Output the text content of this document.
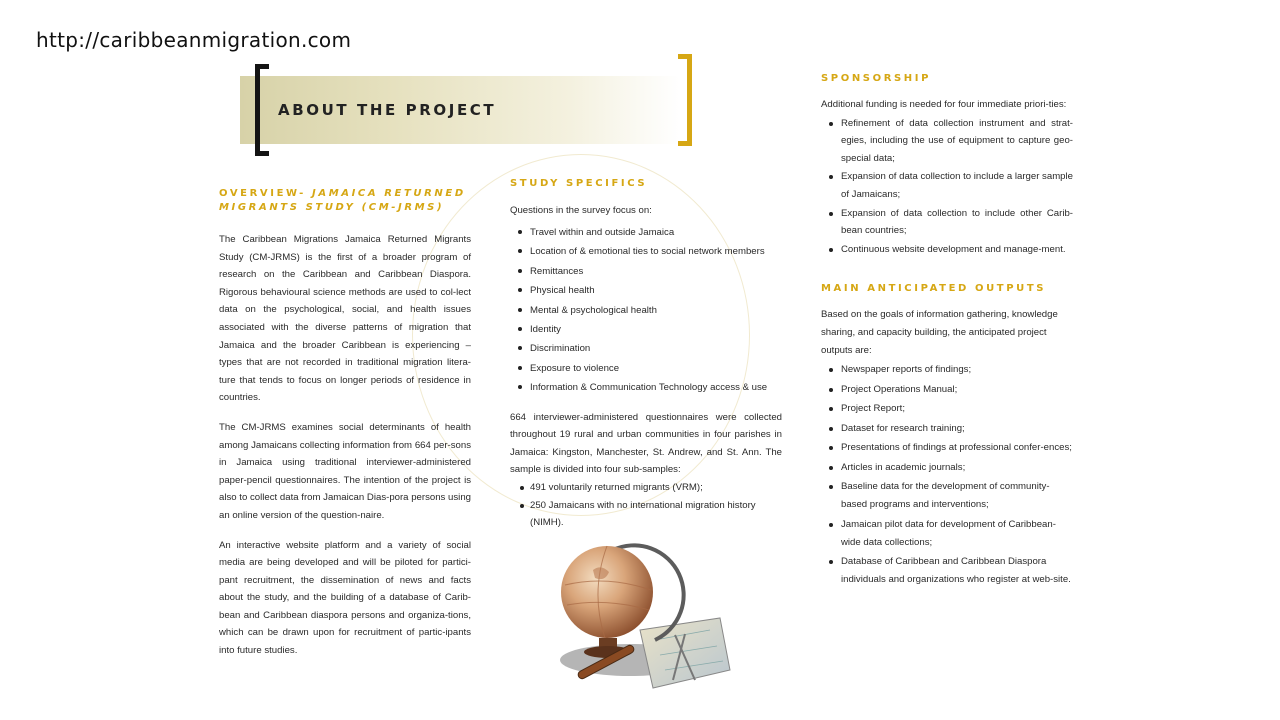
http://caribbeanmigration.com
ABOUT THE PROJECT
OVERVIEW- JAMAICA RETURNED
MIGRANTS STUDY (CM-JRMS)

The Caribbean Migrations Jamaica Returned Migrants Study (CM-JRMS) is the first of a broader program of research on the Caribbean and Caribbean Diaspora. Rigorous behavioural science methods are used to col-lect data on the psychological, social, and health issues associated with the diverse patterns of migration that Jamaica and the broader Caribbean is experiencing – types that are not recorded in traditional migration litera-ture that tends to focus on longer periods of residence in countries.

The CM-JRMS examines social determinants of health among Jamaicans collecting information from 664 per-sons in Jamaica using traditional interviewer-administered paper-pencil questionnaires. The intention of the project is also to collect data from Jamaican Dias-pora persons using an online version of the question-naire.

An interactive website platform and a variety of social media are being developed and will be piloted for partici-pant recruitment, the dissemination of news and facts about the study, and the building of a database of Carib-bean and Caribbean diaspora persons and organiza-tions, which can be drawn upon for recruitment of partic-ipants into future studies.

STUDY SPECIFICS
Questions in the survey focus on:
Travel within and outside Jamaica
Location of & emotional ties to social network members
Remittances
Physical health
Mental & psychological health
Identity
Discrimination
Exposure to violence
Information & Communication Technology access & use
664 interviewer-administered questionnaires were collected throughout 19 rural and urban communities in four parishes in Jamaica: Kingston, Manchester, St. Andrew, and St. Ann. The sample is divided into four sub-samples:
491 voluntarily returned migrants (VRM);
250 Jamaicans with no international migration history
(NIMH).
SPONSORSHIP
Additional funding is needed for four immediate priori-ties:
Refinement of data collection instrument and strat-egies, including the use of equipment to capture geo-special data;
Expansion of data collection to include a larger sample of Jamaicans;
Expansion of data collection to include other Carib-bean countries;
Continuous website development and manage-ment.
MAIN ANTICIPATED OUTPUTS
Based on the goals of information gathering, knowledge sharing, and capacity building, the anticipated project outputs are:
Newspaper reports of findings;
Project Operations Manual;
Project Report;
Dataset for research training;
Presentations of findings at professional confer-ences;
Articles in academic journals;
Baseline data for the development of community-based programs and interventions;
Jamaican pilot data for development of Caribbean-wide data collections;
Database of Caribbean and Caribbean Diaspora individuals and organizations who register at web-site.
